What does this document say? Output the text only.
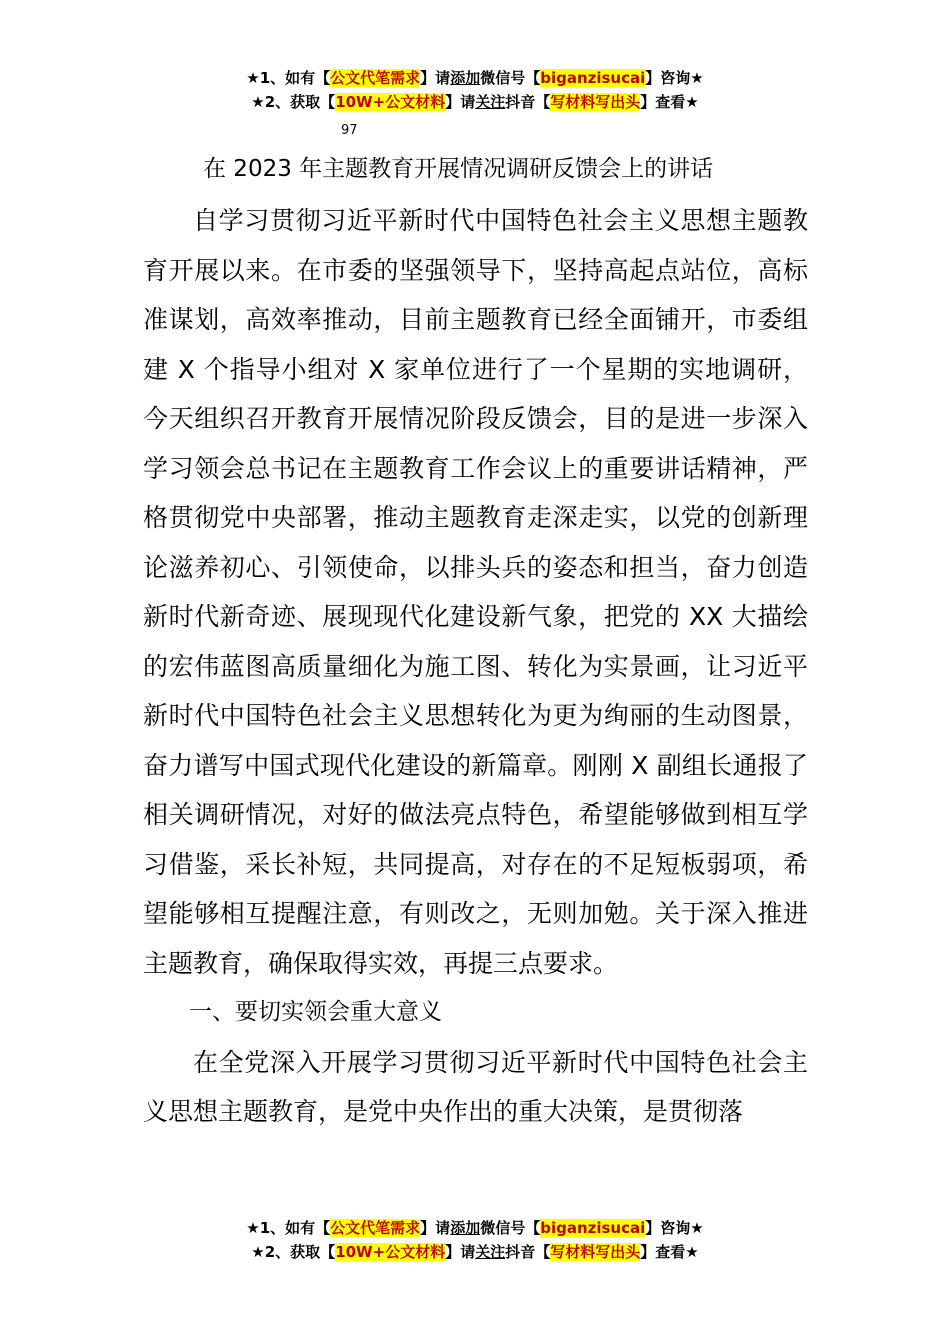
★1、如有【公文代笔需求】请添加微信号【biganzisucai】咨询★
★2、获取【10W+公文材料】请关注抖音【写材料写出头】查看★
97
在 2023 年主题教育开展情况调研反馈会上的讲话

自学习贯彻习近平新时代中国特色社会主义思想主题教育开展以来。在市委的坚强领导下，坚持高起点站位，高标准谋划，高效率推动，目前主题教育已经全面铺开，市委组建 X 个指导小组对 X 家单位进行了一个星期的实地调研，今天组织召开教育开展情况阶段反馈会，目的是进一步深入学习领会总书记在主题教育工作会议上的重要讲话精神，严格贯彻党中央部署，推动主题教育走深走实，以党的创新理论滋养初心、引领使命，以排头兵的姿态和担当，奋力创造新时代新奇迹、展现现代化建设新气象，把党的 XX 大描绘的宏伟蓝图高质量细化为施工图、转化为实景画，让习近平新时代中国特色社会主义思想转化为更为绚丽的生动图景，奋力谱写中国式现代化建设的新篇章。刚刚 X 副组长通报了相关调研情况，对好的做法亮点特色，希望能够做到相互学习借鉴，采长补短，共同提高，对存在的不足短板弱项，希望能够相互提醒注意，有则改之，无则加勉。关于深入推进主题教育，确保取得实效，再提三点要求。

一、要切实领会重大意义

在全党深入开展学习贯彻习近平新时代中国特色社会主义思想主题教育，是党中央作出的重大决策，是贯彻落

★1、如有【公文代笔需求】请添加微信号【biganzisucai】咨询★
★2、获取【10W+公文材料】请关注抖音【写材料写出头】查看★
